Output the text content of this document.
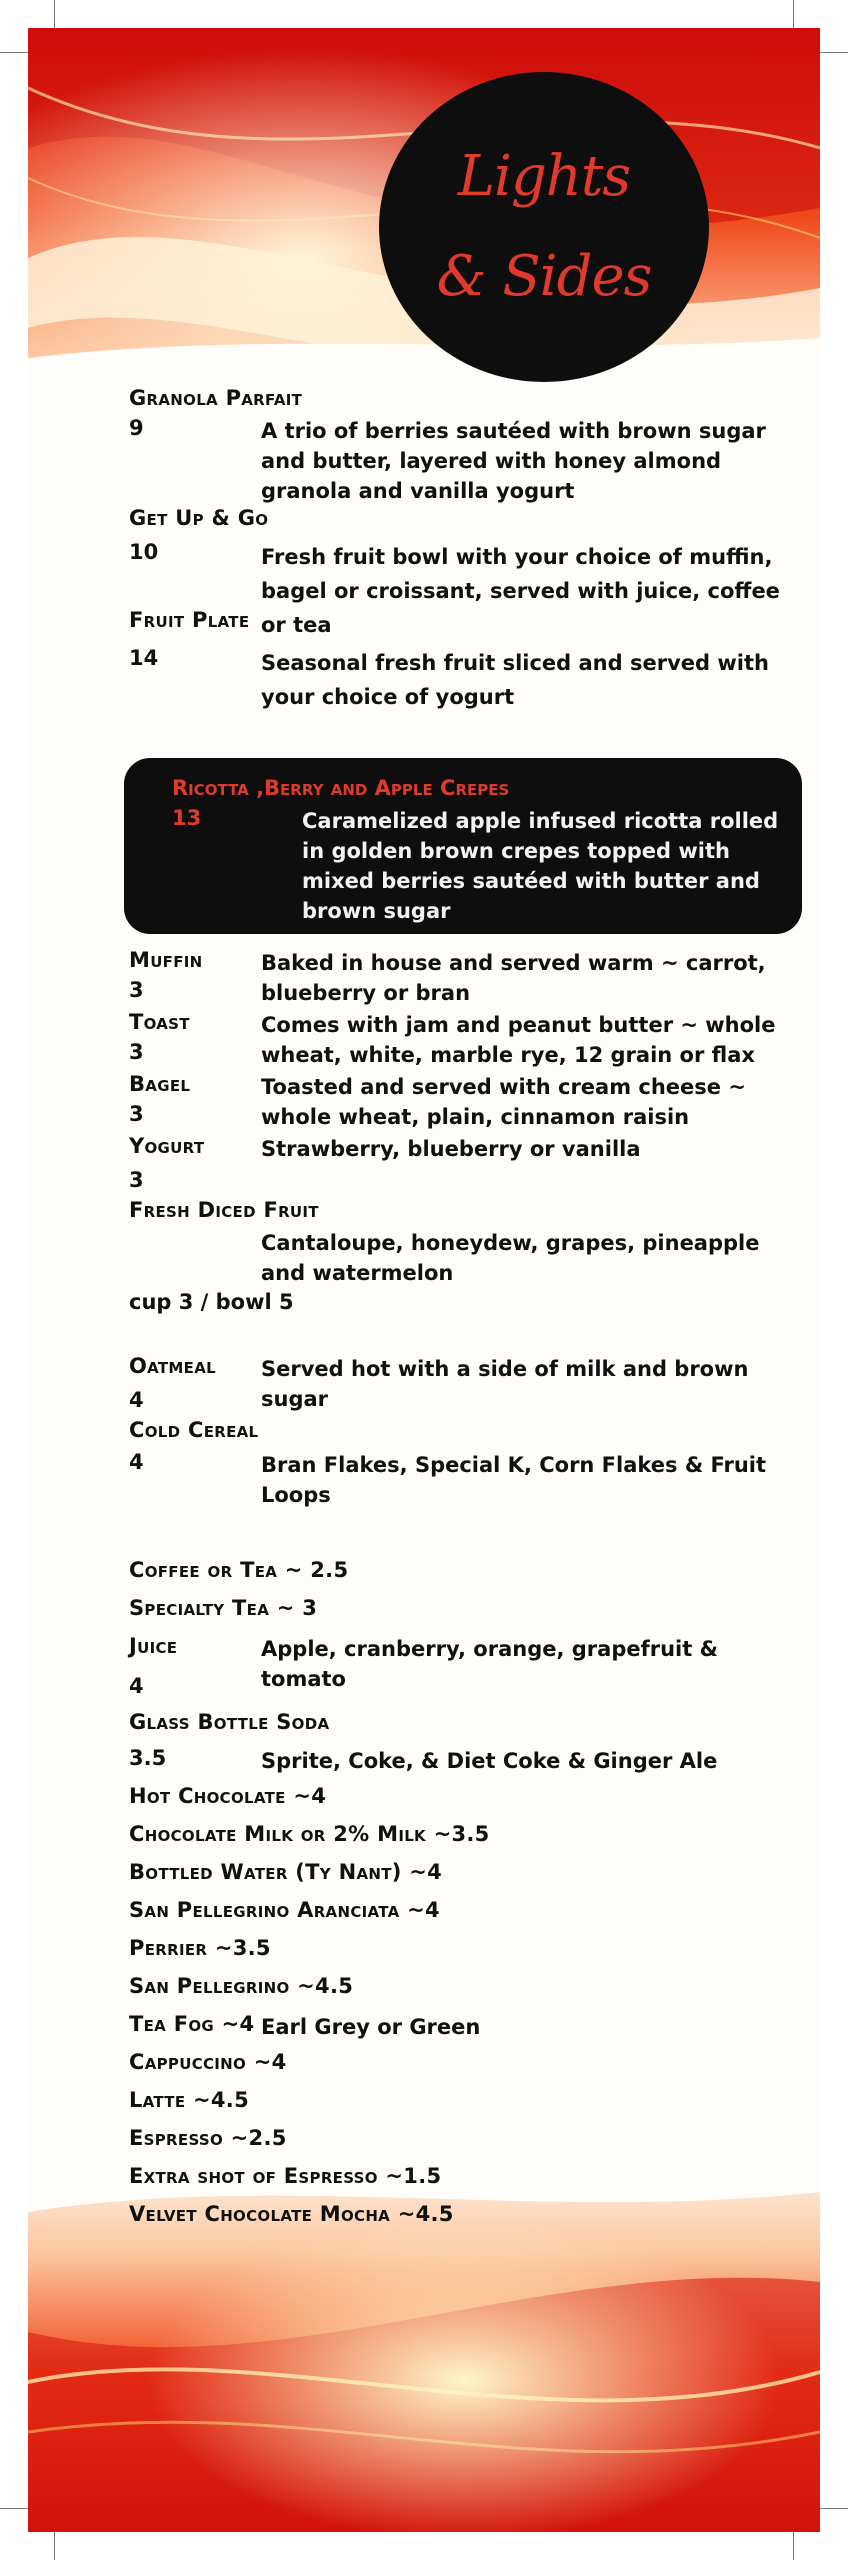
Lights
& Sides
Granola Parfait
9	A trio of berries sautéed with brown sugar and butter, layered with honey almond granola and vanilla yogurt
Get Up & Go
10	Fresh fruit bowl with your choice of muffin, bagel or croissant, served with juice, coffee or tea
Fruit Plate
14	Seasonal fresh fruit sliced and served with your choice of yogurt
Ricotta ,Berry and Apple Crepes
13	Caramelized apple infused ricotta rolled in golden brown crepes topped with mixed berries sautéed with butter and brown sugar
Muffin
3
Baked in house and served warm ~ carrot, blueberry or bran
Toast
3
Comes with jam and peanut butter ~ whole wheat, white, marble rye, 12 grain or flax
Bagel
3
Toasted and served with cream cheese ~ whole wheat, plain, cinnamon raisin
Yogurt
3
Strawberry, blueberry or vanilla
Fresh Diced Fruit
Cantaloupe, honeydew, grapes, pineapple and watermelon
cup 3 / bowl 5
Oatmeal
4
Served hot with a side of milk and brown sugar
Cold Cereal
4	Bran Flakes, Special K, Corn Flakes & Fruit Loops
Coffee or Tea ~ 2.5
Specialty Tea ~ 3
Juice	Apple, cranberry, orange, grapefruit & tomato
4
Glass Bottle Soda
3.5	Sprite, Coke, & Diet Coke & Ginger Ale
Hot Chocolate ~4
Chocolate Milk or 2% Milk ~3.5
Bottled Water (Ty Nant) ~4
San Pellegrino Aranciata ~4
Perrier ~3.5
San Pellegrino ~4.5
Tea Fog ~4 Earl Grey or Green
Cappuccino ~4
Latte ~4.5
Espresso ~2.5
Extra shot of Espresso ~1.5
Velvet Chocolate Mocha ~4.5
